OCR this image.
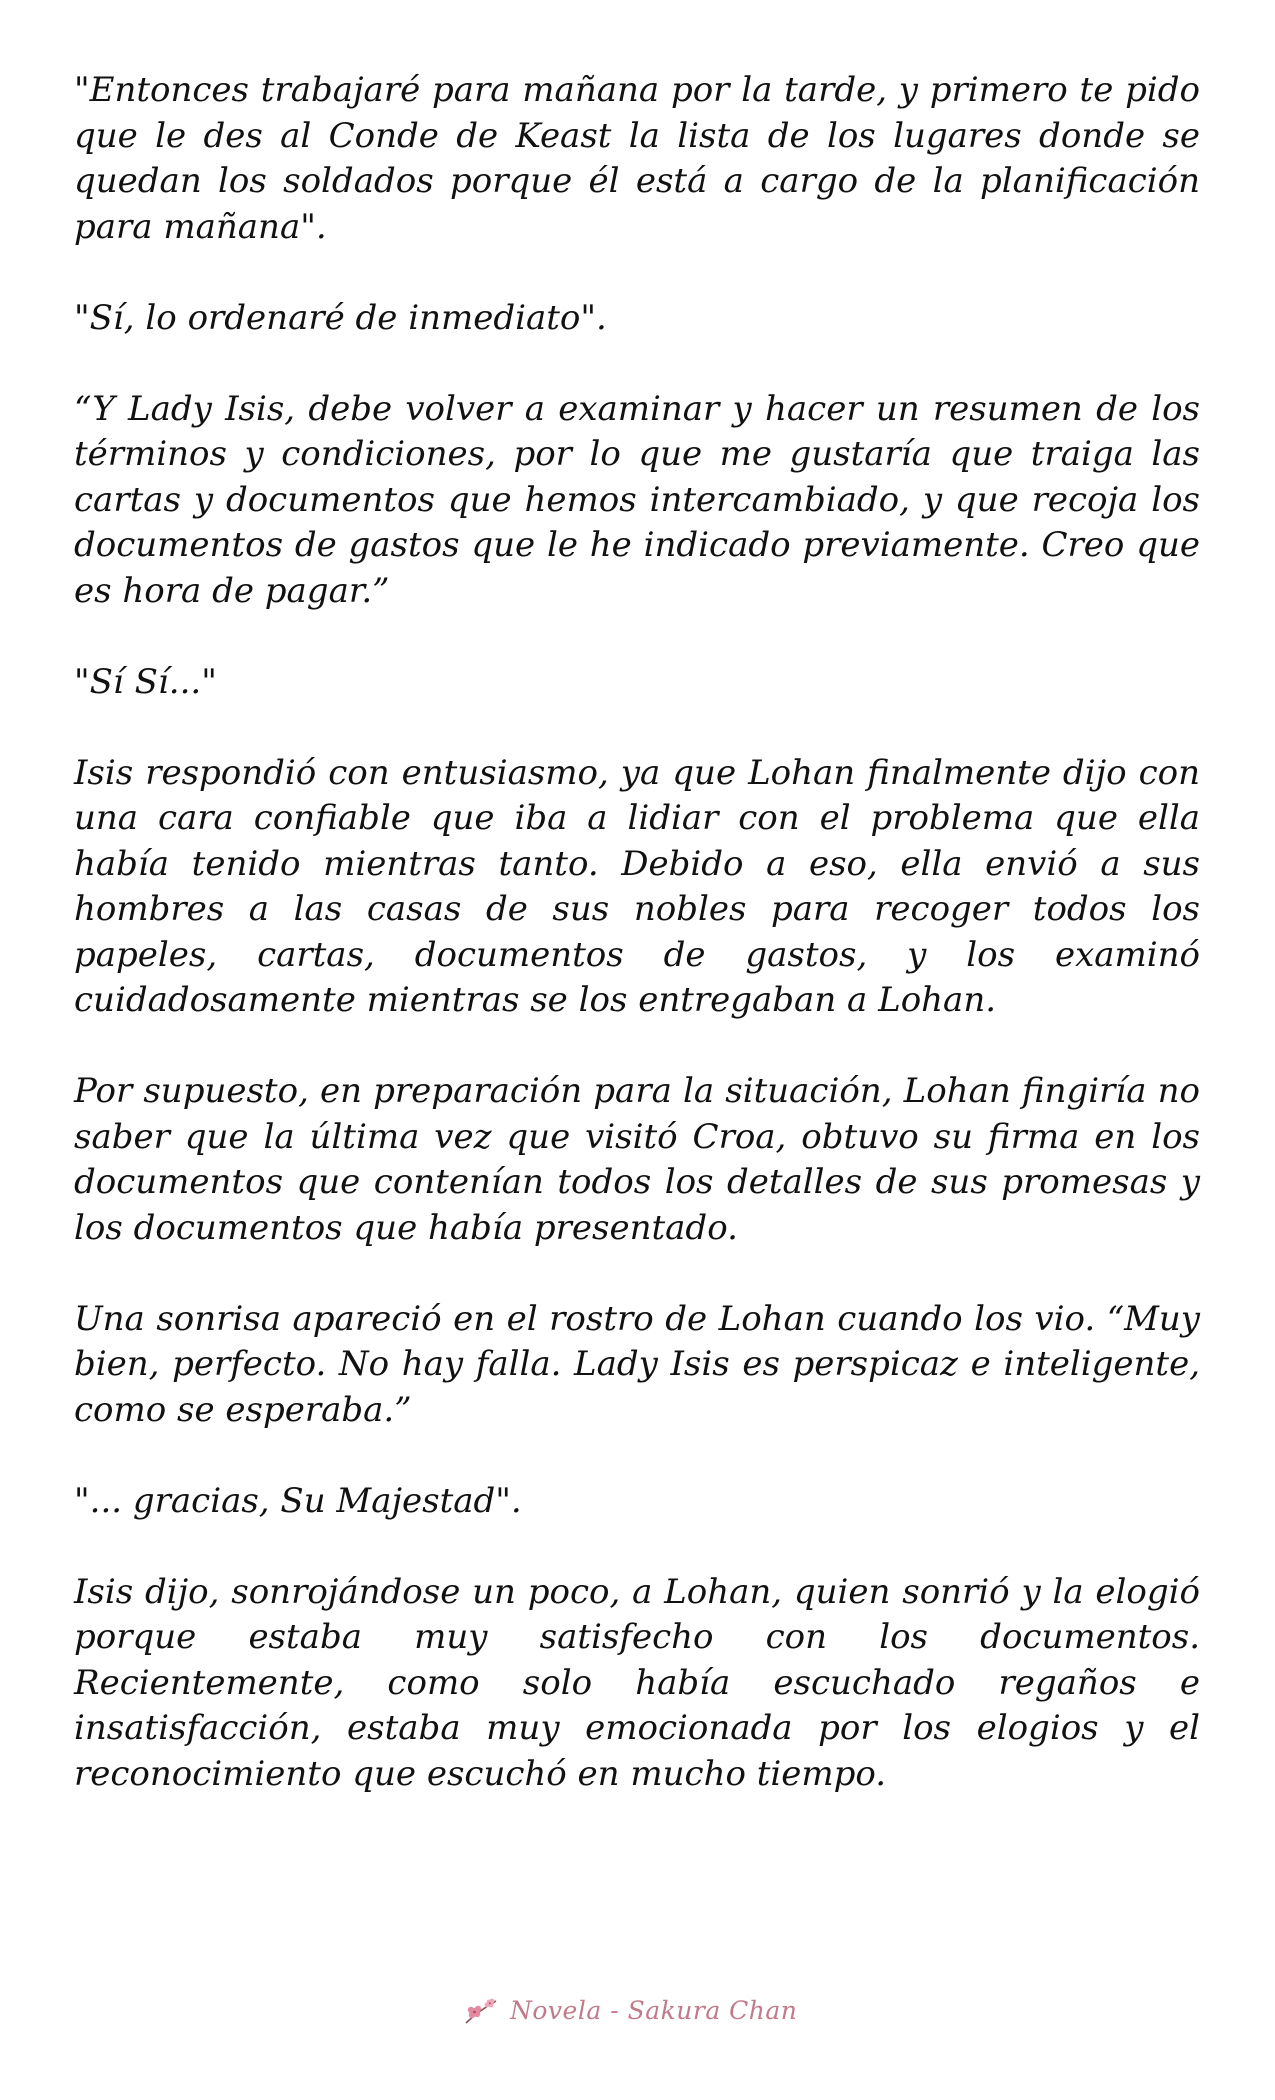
"Entonces trabajaré para mañana por la tarde, y primero te pido que le des al Conde de Keast la lista de los lugares donde se quedan los soldados porque él está a cargo de la planificación para mañana".

"Sí, lo ordenaré de inmediato".

“Y Lady Isis, debe volver a examinar y hacer un resumen de los términos y condiciones, por lo que me gustaría que traiga las cartas y documentos que hemos intercambiado, y que recoja los documentos de gastos que le he indicado previamente. Creo que es hora de pagar.”

"Sí Sí..."

Isis respondió con entusiasmo, ya que Lohan finalmente dijo con una cara confiable que iba a lidiar con el problema que ella había tenido mientras tanto. Debido a eso, ella envió a sus hombres a las casas de sus nobles para recoger todos los papeles, cartas, documentos de gastos, y los examinó cuidadosamente mientras se los entregaban a Lohan.

Por supuesto, en preparación para la situación, Lohan fingiría no saber que la última vez que visitó Croa, obtuvo su firma en los documentos que contenían todos los detalles de sus promesas y los documentos que había presentado.

Una sonrisa apareció en el rostro de Lohan cuando los vio. “Muy bien, perfecto. No hay falla. Lady Isis es perspicaz e inteligente, como se esperaba.”

"... gracias, Su Majestad".

Isis dijo, sonrojándose un poco, a Lohan, quien sonrió y la elogió porque estaba muy satisfecho con los documentos. Recientemente, como solo había escuchado regaños e insatisfacción, estaba muy emocionada por los elogios y el reconocimiento que escuchó en mucho tiempo.

Novela - Sakura Chan
